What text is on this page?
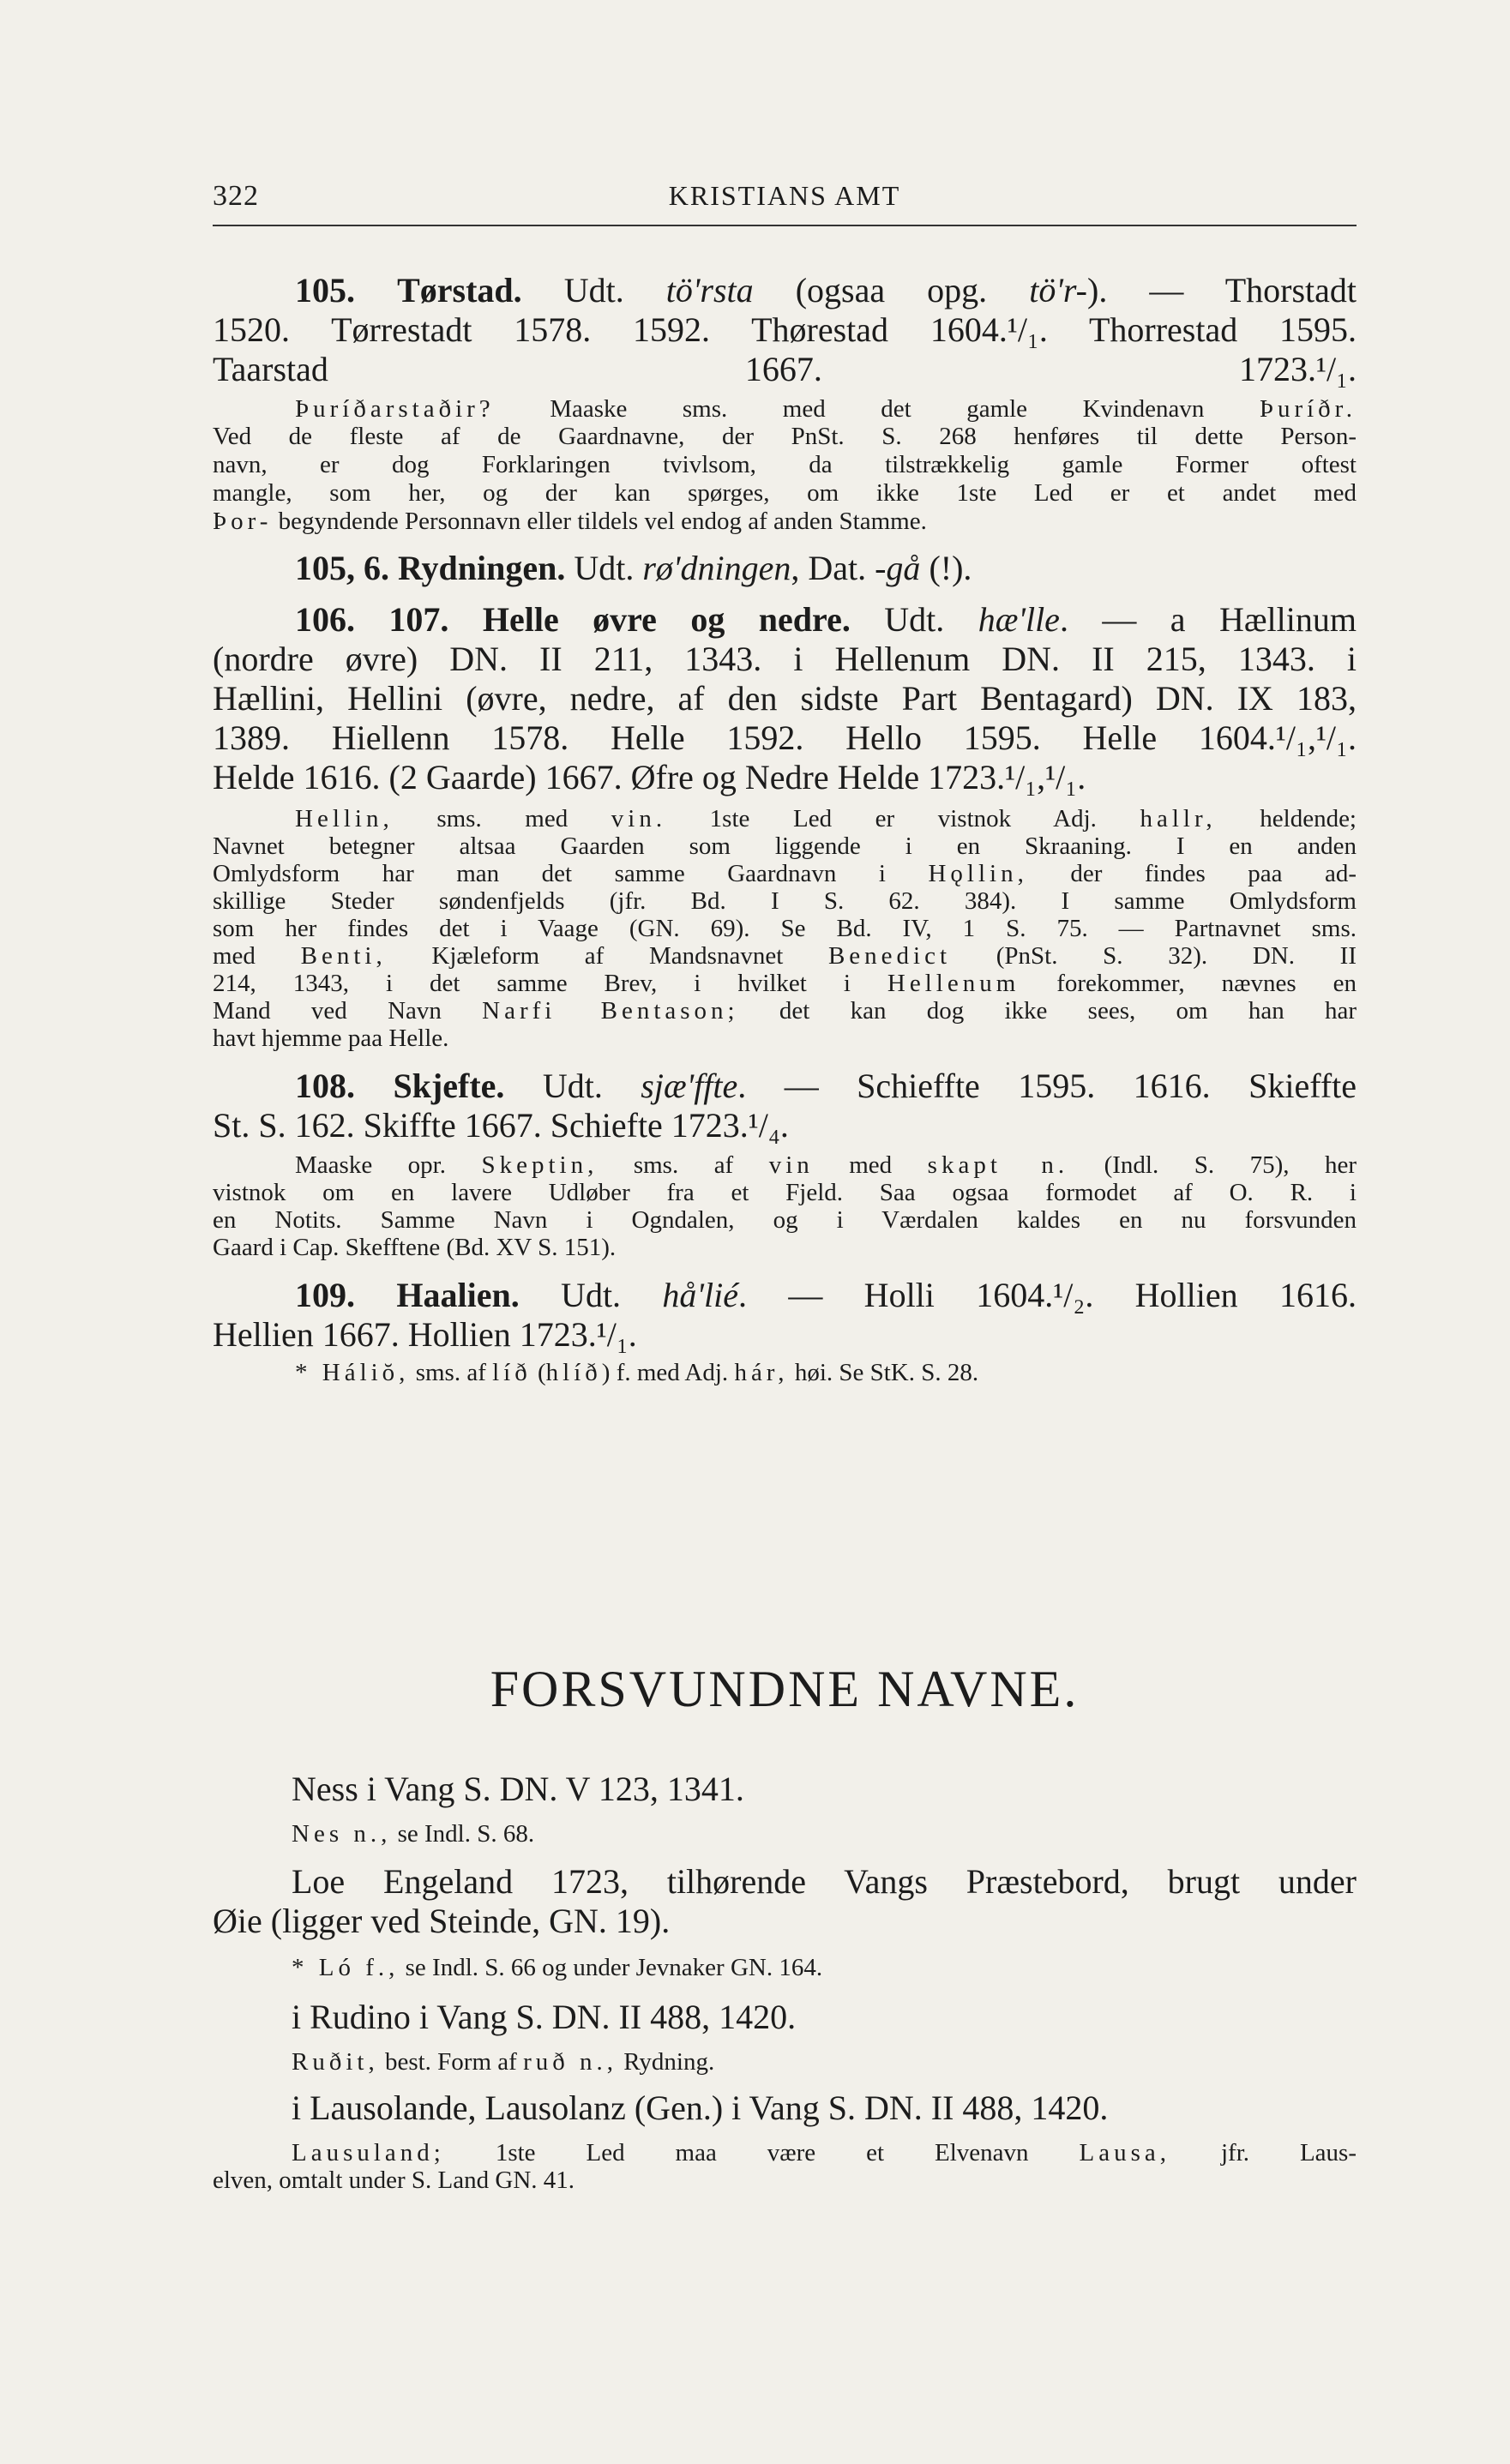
322	KRISTIANS AMT
105. Tørstad. Udt. tö'rsta (ogsaa opg. tö'r-). — Thorstadt
1520. Tørrestadt 1578. 1592. Thørestad 1604.¹/₁. Thorrestad 1595.
Taarstad 1667. 1723.¹/₁.
Þuríðarstaðir? Maaske sms. med det gamle Kvindenavn Þuríðr.
Ved de fleste af de Gaardnavne, der PnSt. S. 268 henføres til dette Person-
navn, er dog Forklaringen tvivlsom, da tilstrækkelig gamle Former oftest
mangle, som her, og der kan spørges, om ikke 1ste Led er et andet med
Þor- begyndende Personnavn eller tildels vel endog af anden Stamme.
105, 6. Rydningen. Udt. rø'dningen, Dat. -gå (!).
106. 107. Helle øvre og nedre. Udt. hæ'lle. — a Hællinum
(nordre øvre) DN. II 211, 1343. i Hellenum DN. II 215, 1343. i
Hællini, Hellini (øvre, nedre, af den sidste Part Bentagard) DN. IX 183,
1389. Hiellenn 1578. Helle 1592. Hello 1595. Helle 1604.¹/₁,¹/₁.
Helde 1616. (2 Gaarde) 1667. Øfre og Nedre Helde 1723.¹/₁,¹/₁.
Hellin, sms. med vin. 1ste Led er vistnok Adj. hallr, heldende;
Navnet betegner altsaa Gaarden som liggende i en Skraaning. I en anden
Omlydsform har man det samme Gaardnavn i Hǫllin, der findes paa ad-
skillige Steder søndenfjelds (jfr. Bd. I S. 62. 384). I samme Omlydsform
som her findes det i Vaage (GN. 69). Se Bd. IV, 1 S. 75. — Partnavnet sms.
med Benti, Kjæleform af Mandsnavnet Benedict (PnSt. S. 32). DN. II
214, 1343, i det samme Brev, i hvilket i Hellenum forekommer, nævnes en
Mand ved Navn Narfi Bentason; det kan dog ikke sees, om han har
havt hjemme paa Helle.
108. Skjefte. Udt. sjæ'ffte. — Schieffte 1595. 1616. Skieffte
St. S. 162. Skiffte 1667. Schiefte 1723.¹/₄.
Maaske opr. Skeptin, sms. af vin med skapt n. (Indl. S. 75), her
vistnok om en lavere Udløber fra et Fjeld. Saa ogsaa formodet af O. R. i
en Notits. Samme Navn i Ogndalen, og i Værdalen kaldes en nu forsvunden
Gaard i Cap. Skefftene (Bd. XV S. 151).
109. Haalien. Udt. hå'lié. — Holli 1604.¹/₂. Hollien 1616.
Hellien 1667. Hollien 1723.¹/₁.
* Háliŏ, sms. af líð (hlíð) f. med Adj. hár, høi. Se StK. S. 28.
FORSVUNDNE NAVNE.
Ness i Vang S. DN. V 123, 1341.
Nes n., se Indl. S. 68.
Loe Engeland 1723, tilhørende Vangs Præstebord, brugt under
Øie (ligger ved Steinde, GN. 19).
* Ló f., se Indl. S. 66 og under Jevnaker GN. 164.
i Rudino i Vang S. DN. II 488, 1420.
Ruðit, best. Form af ruð n., Rydning.
i Lausolande, Lausolanz (Gen.) i Vang S. DN. II 488, 1420.
Lausuland; 1ste Led maa være et Elvenavn Lausa, jfr. Laus-
elven, omtalt under S. Land GN. 41.
